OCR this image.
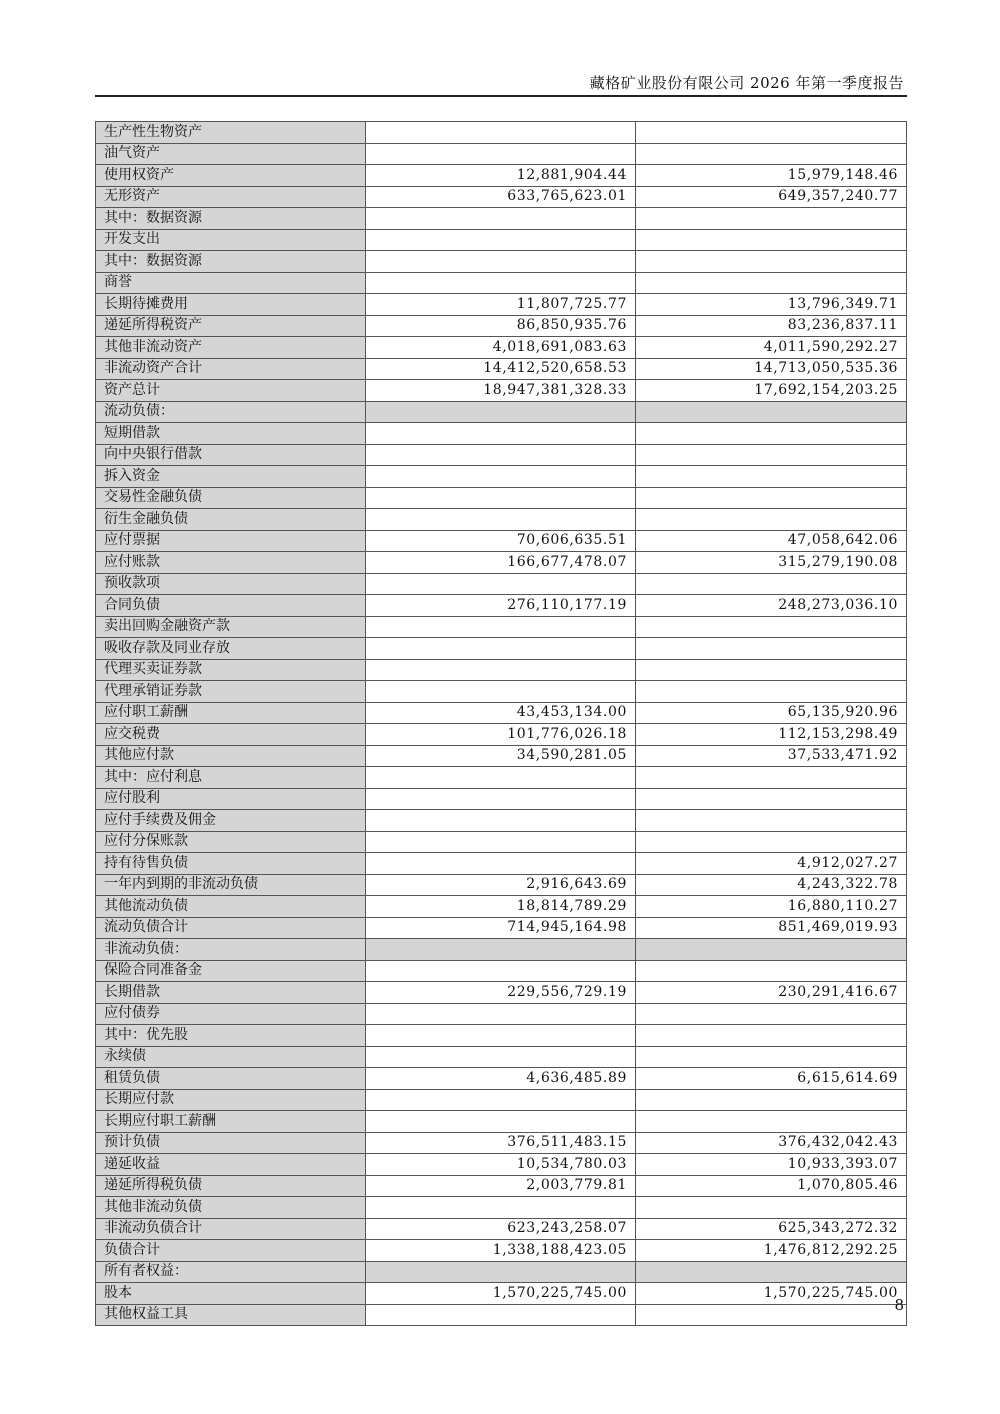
藏格矿业股份有限公司 2026 年第一季度报告
生产性生物资产		
油气资产		
使用权资产	12,881,904.44	15,979,148.46
无形资产	633,765,623.01	649,357,240.77
其中：数据资源		
开发支出		
其中：数据资源		
商誉		
长期待摊费用	11,807,725.77	13,796,349.71
递延所得税资产	86,850,935.76	83,236,837.11
其他非流动资产	4,018,691,083.63	4,011,590,292.27
非流动资产合计	14,412,520,658.53	14,713,050,535.36
资产总计	18,947,381,328.33	17,692,154,203.25
流动负债：		
短期借款		
向中央银行借款		
拆入资金		
交易性金融负债		
衍生金融负债		
应付票据	70,606,635.51	47,058,642.06
应付账款	166,677,478.07	315,279,190.08
预收款项		
合同负债	276,110,177.19	248,273,036.10
卖出回购金融资产款		
吸收存款及同业存放		
代理买卖证券款		
代理承销证券款		
应付职工薪酬	43,453,134.00	65,135,920.96
应交税费	101,776,026.18	112,153,298.49
其他应付款	34,590,281.05	37,533,471.92
其中：应付利息		
应付股利		
应付手续费及佣金		
应付分保账款		
持有待售负债		4,912,027.27
一年内到期的非流动负债	2,916,643.69	4,243,322.78
其他流动负债	18,814,789.29	16,880,110.27
流动负债合计	714,945,164.98	851,469,019.93
非流动负债：		
保险合同准备金		
长期借款	229,556,729.19	230,291,416.67
应付债券		
其中：优先股		
永续债		
租赁负债	4,636,485.89	6,615,614.69
长期应付款		
长期应付职工薪酬		
预计负债	376,511,483.15	376,432,042.43
递延收益	10,534,780.03	10,933,393.07
递延所得税负债	2,003,779.81	1,070,805.46
其他非流动负债		
非流动负债合计	623,243,258.07	625,343,272.32
负债合计	1,338,188,423.05	1,476,812,292.25
所有者权益：		
股本	1,570,225,745.00	1,570,225,745.00
其他权益工具			8
